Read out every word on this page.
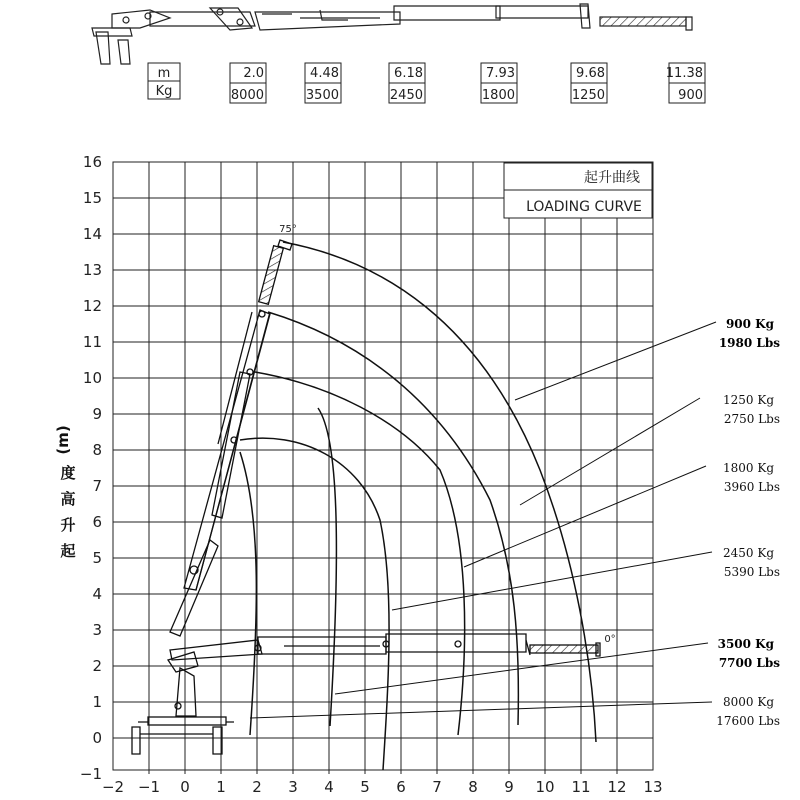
m
Kg
2.0
8000
4.48
3500
6.18
2450
7.93
1800
9.68
1250
11.38
900
−2 −1 0 1 2 3 4 5 6 7 8 9 10 11 12 13
16
15
14
13
12
11
10
9
8
7
6
5
4
3
2
1
0
−1
起升曲线
LOADING CURVE
起
升
高
度
(m)
75°
0°
900 Kg
1980 Lbs
1250 Kg
2750 Lbs
1800 Kg
3960 Lbs
2450 Kg
5390 Lbs
3500 Kg
7700 Lbs
8000 Kg
17600 Lbs
